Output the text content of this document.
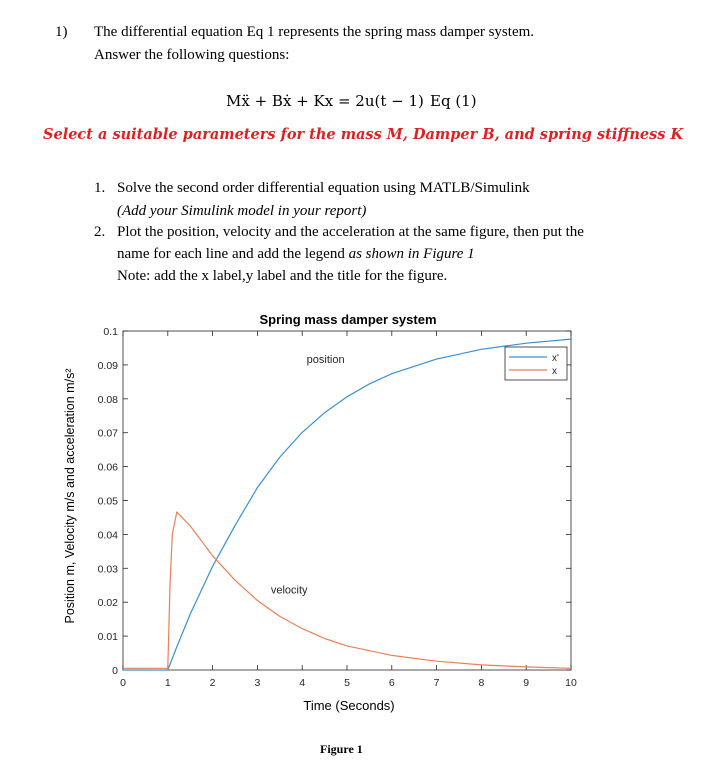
1) The differential equation Eq 1 represents the spring mass damper system.
Answer the following questions:
Mẍ + Bẋ + Kx = 2u(t − 1) Eq (1)
Select a suitable parameters for the mass M, Damper B, and spring stiffness K
1. Solve the second order differential equation using MATLB/Simulink
(Add your Simulink model in your report)
2. Plot the position, velocity and the acceleration at the same figure, then put the
name for each line and add the legend as shown in Figure 1
Note: add the x label,y label and the title for the figure.
Spring mass damper system
Position m, Velocity m/s and acceleration m/s²
Time (Seconds)
0	1	2	3	4	5	6	7	8	9	10
0
0.01
0.02
0.03
0.04
0.05
0.06
0.07
0.08
0.09
0.1
position
velocity
x'
x
Figure 1
